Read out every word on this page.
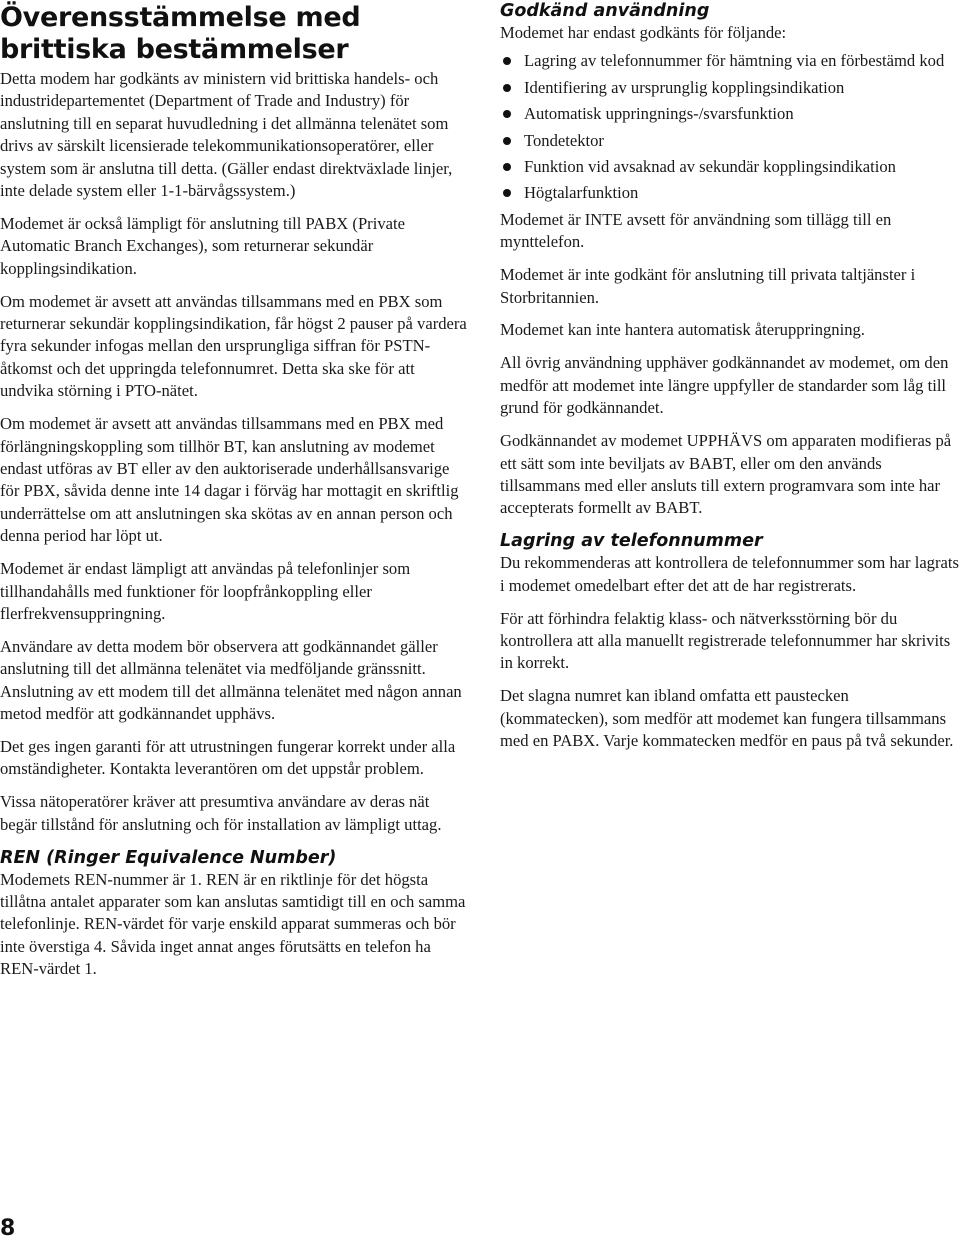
Överensstämmelse med brittiska bestämmelser

Detta modem har godkänts av ministern vid brittiska handels- och industridepartementet (Department of Trade and Industry) för anslutning till en separat huvudledning i det allmänna telenätet som drivs av särskilt licensierade telekommunikationsoperatörer, eller system som är anslutna till detta. (Gäller endast direktväxlade linjer, inte delade system eller 1-1-bärvågssystem.)

Modemet är också lämpligt för anslutning till PABX (Private Automatic Branch Exchanges), som returnerar sekundär kopplingsindikation.

Om modemet är avsett att användas tillsammans med en PBX som returnerar sekundär kopplingsindikation, får högst 2 pauser på vardera fyra sekunder infogas mellan den ursprungliga siffran för PSTN-åtkomst och det uppringda telefonnumret. Detta ska ske för att undvika störning i PTO-nätet.

Om modemet är avsett att användas tillsammans med en PBX med förlängningskoppling som tillhör BT, kan anslutning av modemet endast utföras av BT eller av den auktoriserade underhållsansvarige för PBX, såvida denne inte 14 dagar i förväg har mottagit en skriftlig underrättelse om att anslutningen ska skötas av en annan person och denna period har löpt ut.

Modemet är endast lämpligt att användas på telefonlinjer som tillhandahålls med funktioner för loopfrånkoppling eller flerfrekvensuppringning.

Användare av detta modem bör observera att godkännandet gäller anslutning till det allmänna telenätet via medföljande gränssnitt. Anslutning av ett modem till det allmänna telenätet med någon annan metod medför att godkännandet upphävs.

Det ges ingen garanti för att utrustningen fungerar korrekt under alla omständigheter. Kontakta leverantören om det uppstår problem.

Vissa nätoperatörer kräver att presumtiva användare av deras nät begär tillstånd för anslutning och för installation av lämpligt uttag.

REN (Ringer Equivalence Number)

Modemets REN-nummer är 1. REN är en riktlinje för det högsta tillåtna antalet apparater som kan anslutas samtidigt till en och samma telefonlinje. REN-värdet för varje enskild apparat summeras och bör inte överstiga 4. Såvida inget annat anges förutsätts en telefon ha REN-värdet 1.

Godkänd användning

Modemet har endast godkänts för följande:

Lagring av telefonnummer för hämtning via en förbestämd kod
Identifiering av ursprunglig kopplingsindikation
Automatisk uppringnings-/svarsfunktion
Tondetektor
Funktion vid avsaknad av sekundär kopplingsindikation
Högtalarfunktion

Modemet är INTE avsett för användning som tillägg till en mynttelefon.

Modemet är inte godkänt för anslutning till privata taltjänster i Storbritannien.

Modemet kan inte hantera automatisk återuppringning.

All övrig användning upphäver godkännandet av modemet, om den medför att modemet inte längre uppfyller de standarder som låg till grund för godkännandet.

Godkännandet av modemet UPPHÄVS om apparaten modifieras på ett sätt som inte beviljats av BABT, eller om den används tillsammans med eller ansluts till extern programvara som inte har accepterats formellt av BABT.

Lagring av telefonnummer

Du rekommenderas att kontrollera de telefonnummer som har lagrats i modemet omedelbart efter det att de har registrerats.

För att förhindra felaktig klass- och nätverksstörning bör du kontrollera att alla manuellt registrerade telefonnummer har skrivits in korrekt.

Det slagna numret kan ibland omfatta ett paustecken (kommatecken), som medför att modemet kan fungera tillsammans med en PABX. Varje kommatecken medför en paus på två sekunder.

8
